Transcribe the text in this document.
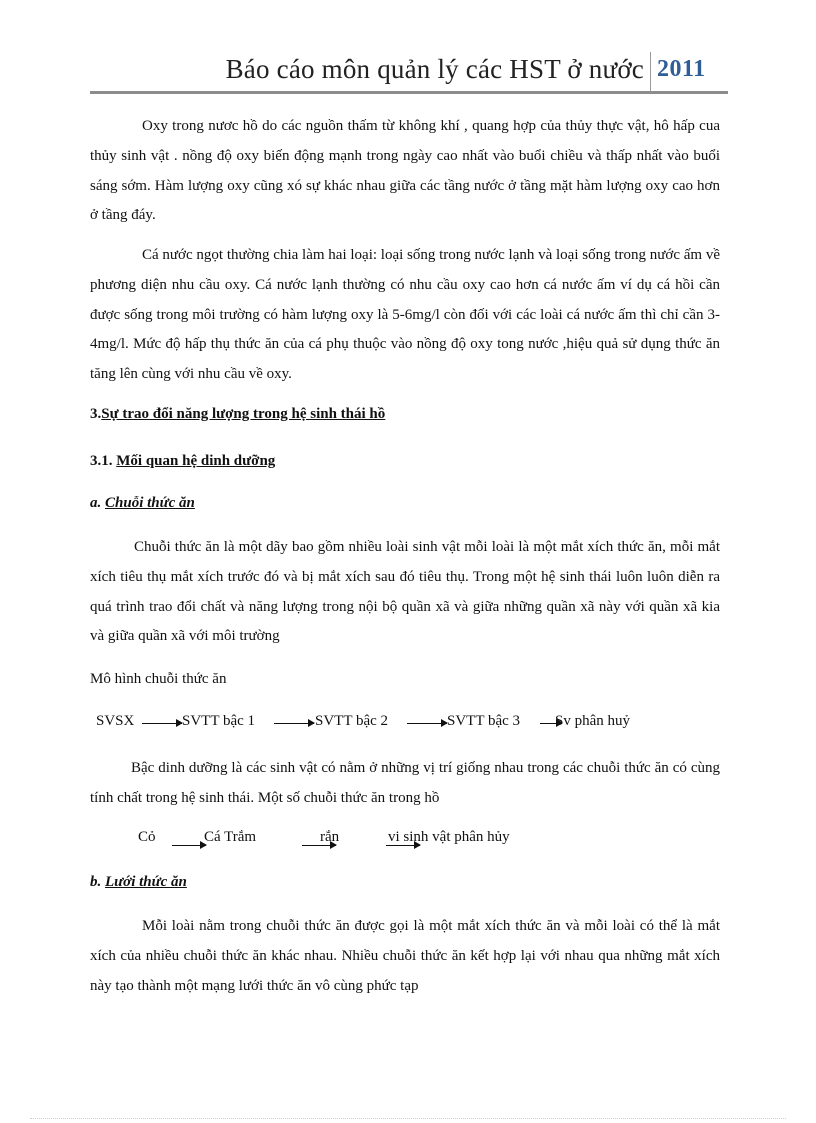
Báo cáo môn quản lý các HST ở nước 2011

Oxy trong nươc hồ do các nguồn thấm từ không khí , quang hợp của thủy thực vật, hô hấp cua thủy sinh vật . nồng độ oxy biến động mạnh trong ngày cao nhất vào buổi chiều và thấp nhất vào buổi sáng sớm. Hàm lượng oxy cũng xó sự khác nhau giữa các tầng nước ở tầng mặt hàm lượng oxy cao hơn ở tầng đáy.

Cá nước ngọt thường chia làm hai loại: loại sống trong nước lạnh và loại sống trong nước ấm về phương diện nhu cầu oxy. Cá nước lạnh thường có nhu cầu oxy cao hơn cá nước ấm ví dụ cá hồi cần được sống trong môi trường có hàm lượng oxy là 5-6mg/l còn đối với các loài cá nước ấm thì chỉ cần 3-4mg/l. Mức độ hấp thụ thức ăn của cá phụ thuộc vào nồng độ oxy tong nước ,hiệu quả sử dụng thức ăn tăng lên cùng với nhu cầu về oxy.

3.Sự trao đổi năng lượng trong hệ sinh thái hồ
3.1. Mối quan hệ dinh dưỡng
a. Chuỗi thức ăn

Chuỗi thức ăn là một dãy bao gồm nhiều loài sinh vật mỗi loài là một mắt xích thức ăn, mỗi mắt xích tiêu thụ mắt xích trước đó và bị mắt xích sau đó tiêu thụ. Trong một hệ sinh thái luôn luôn diễn ra quá trình trao đổi chất và năng lượng trong nội bộ quần xã và giữa những quần xã này với quần xã kia và giữa quần xã với môi trường

Mô hình chuỗi thức ăn
SVSX	SVTT bậc 1	SVTT bậc 2	SVTT bậc 3 Sv phân huỷ

Bậc dinh dưỡng là các sinh vật có nằm ở những vị trí giống nhau trong các chuỗi thức ăn có cùng tính chất trong hệ sinh thái. Một số chuỗi thức ăn trong hồ

Cỏ	Cá Trắm	rắn	vi sinh vật phân hủy
b. Lưới thức ăn

Mỗi loài nằm trong chuỗi thức ăn được gọi là một mắt xích thức ăn và mỗi loài có thể là mắt xích của nhiều chuỗi thức ăn khác nhau. Nhiều chuỗi thức ăn kết hợp lại với nhau qua những mắt xích này tạo thành một mạng lưới thức ăn vô cùng phức tạp
